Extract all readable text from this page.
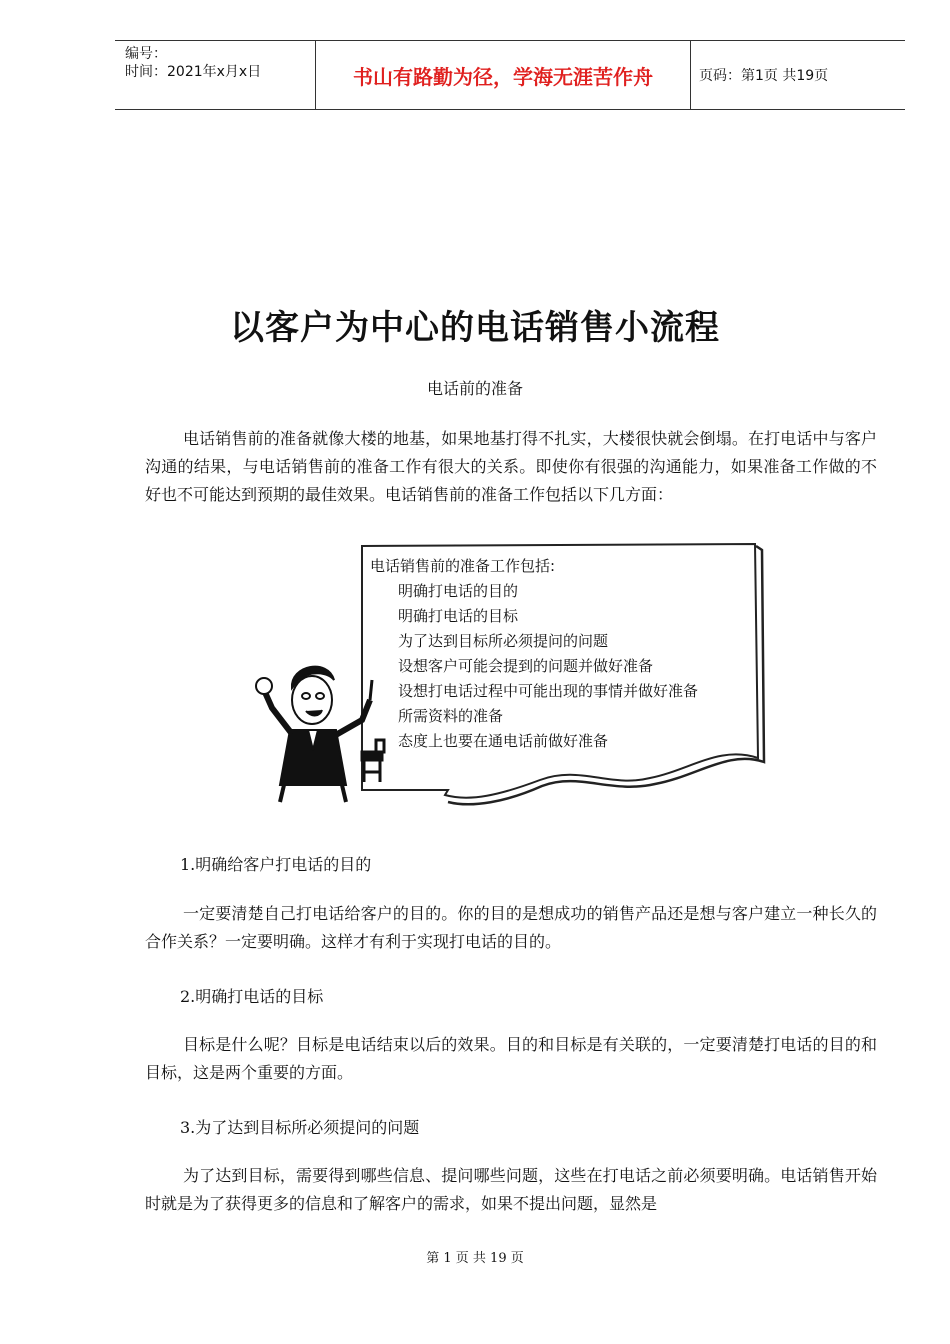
编号：
时间：2021年x月x日	书山有路勤为径，学海无涯苦作舟	页码：第1页 共19页
以客户为中心的电话销售小流程
电话前的准备

电话销售前的准备就像大楼的地基，如果地基打得不扎实，大楼很快就会倒塌。在打电话中与客户沟通的结果，与电话销售前的准备工作有很大的关系。即使你有很强的沟通能力，如果准备工作做的不好也不可能达到预期的最佳效果。电话销售前的准备工作包括以下几方面：

电话销售前的准备工作包括:
明确打电话的目的
明确打电话的目标
为了达到目标所必须提问的问题
设想客户可能会提到的问题并做好准备
设想打电话过程中可能出现的事情并做好准备
所需资料的准备
态度上也要在通电话前做好准备

1.明确给客户打电话的目的

一定要清楚自己打电话给客户的目的。你的目的是想成功的销售产品还是想与客户建立一种长久的合作关系？一定要明确。这样才有利于实现打电话的目的。

2.明确打电话的目标

目标是什么呢？目标是电话结束以后的效果。目的和目标是有关联的，一定要清楚打电话的目的和目标，这是两个重要的方面。

3.为了达到目标所必须提问的问题

为了达到目标，需要得到哪些信息、提问哪些问题，这些在打电话之前必须要明确。电话销售开始时就是为了获得更多的信息和了解客户的需求，如果不提出问题，显然是

第 1 页 共 19 页
